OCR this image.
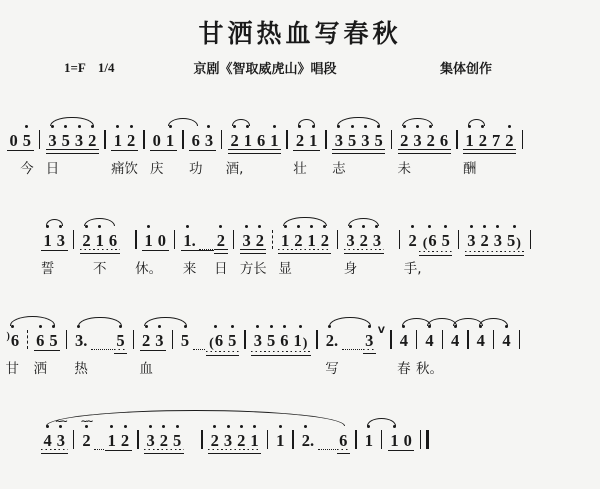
甘洒热血写春秋
1=F 1/4	京剧《智取威虎山》唱段	集体创作
0 5
今
3
日
5 3 2 1
痛
2
饮
0
庆
1 6
功
3 2
酒,
1 6 1 2
壮
1 3
志
5 3 5 2
未
3 2 6 1
酬
2 7 2
1
誓
3 2 1
不
6 1
休。
0 1.
来
2
日
3
方
2
长
1
显
2 1 2 3
身
2 3 2
手,
(6 5 3 2 3 5)
)6
甘
6
洒
5 3.
热
5 2
血
3 5 (6 5 3 5 6 1) 2.
写
3 V 4
春
4
秋。
4 4 4
4 3
∼∼
2
∼∼
1 2 3 2 5 2 3 2 1 1 2. 6 1 1 0
